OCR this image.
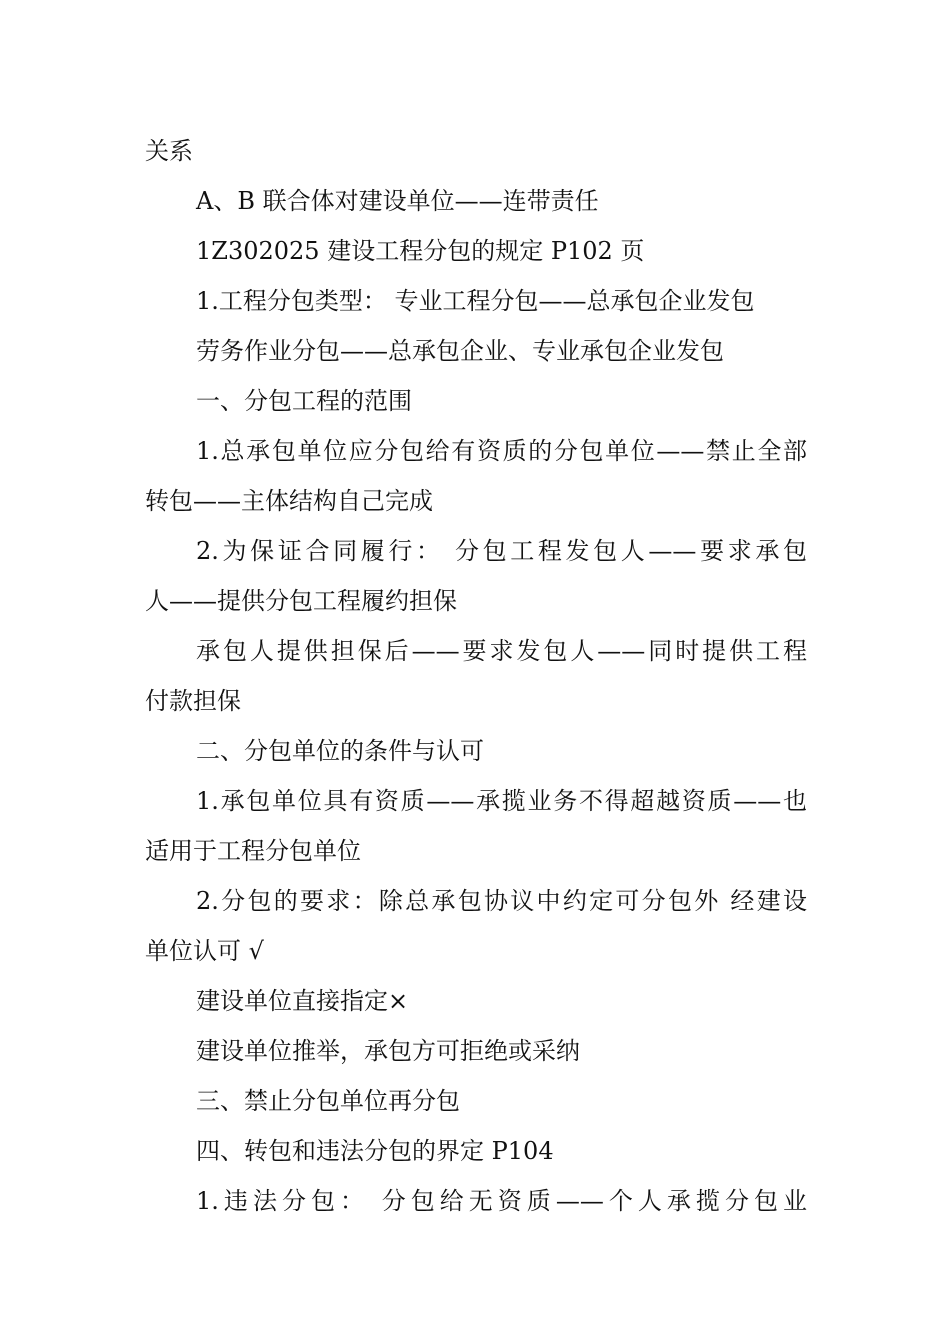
关系
A、B 联合体对建设单位——连带责任
1Z302025 建设工程分包的规定 P102 页
1.工程分包类型： 专业工程分包——总承包企业发包
劳务作业分包——总承包企业、专业承包企业发包
一、分包工程的范围
1.总承包单位应分包给有资质的分包单位——禁止全部
转包——主体结构自己完成
2.为保证合同履行： 分包工程发包人——要求承包
人——提供分包工程履约担保
承包人提供担保后——要求发包人——同时提供工程
付款担保
二、分包单位的条件与认可
1.承包单位具有资质——承揽业务不得超越资质——也
适用于工程分包单位
2.分包的要求：除总承包协议中约定可分包外 经建设
单位认可 √
建设单位直接指定×
建设单位推举，承包方可拒绝或采纳
三、禁止分包单位再分包
四、转包和违法分包的界定 P104
1.违法分包： 分包给无资质——个人承揽分包业
